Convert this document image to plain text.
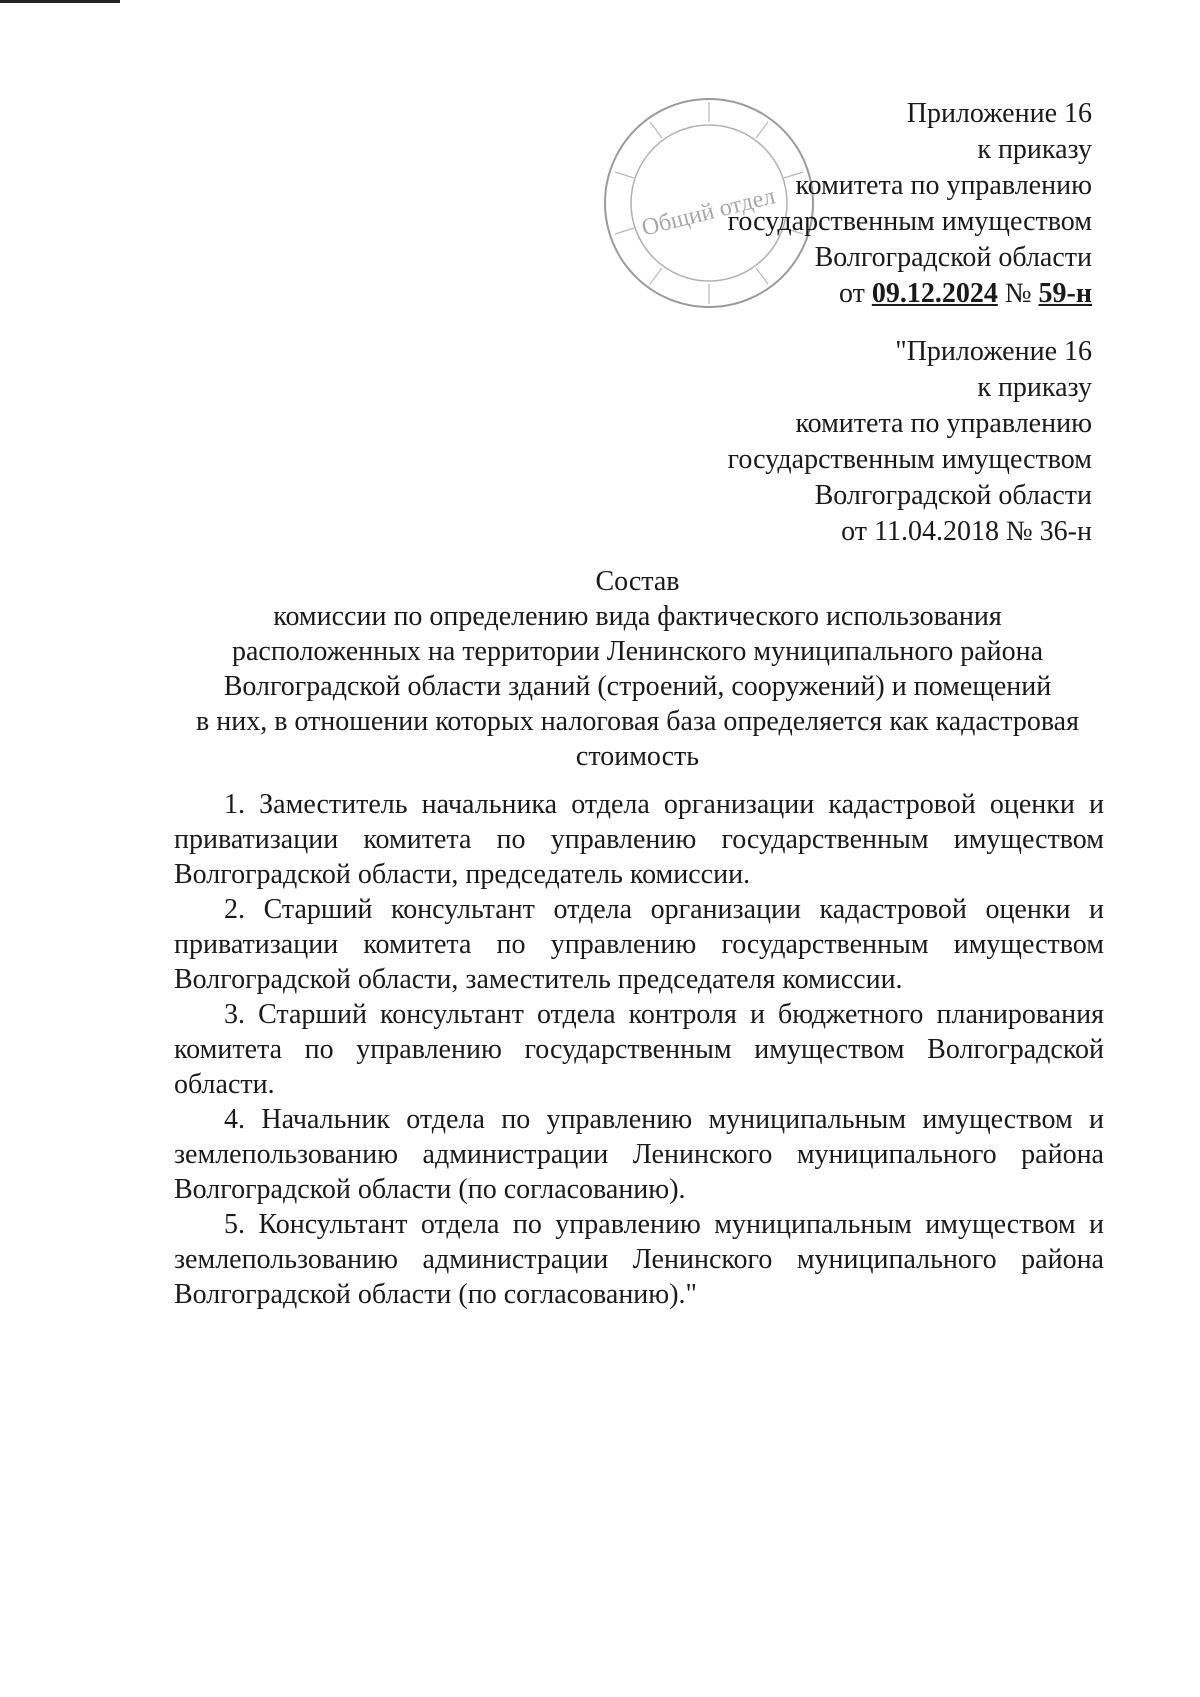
Общий отдел
Приложение 16
к приказу
комитета по управлению
государственным имуществом
Волгоградской области
от 09.12.2024 № 59-н
"Приложение 16
к приказу
комитета по управлению
государственным имуществом
Волгоградской области
от 11.04.2018 № 36-н
Состав
комиссии по определению вида фактического использования
расположенных на территории Ленинского муниципального района
Волгоградской области зданий (строений, сооружений) и помещений
в них, в отношении которых налоговая база определяется как кадастровая
стоимость

1. Заместитель начальника отдела организации кадастровой оценки и приватизации комитета по управлению государственным имуществом Волгоградской области, председатель комиссии.

2. Старший консультант отдела организации кадастровой оценки и приватизации комитета по управлению государственным имуществом Волгоградской области, заместитель председателя комиссии.

3. Старший консультант отдела контроля и бюджетного планирования комитета по управлению государственным имуществом Волгоградской области.

4. Начальник отдела по управлению муниципальным имуществом и землепользованию администрации Ленинского муниципального района Волгоградской области (по согласованию).

5. Консультант отдела по управлению муниципальным имуществом и землепользованию администрации Ленинского муниципального района Волгоградской области (по согласованию)."
